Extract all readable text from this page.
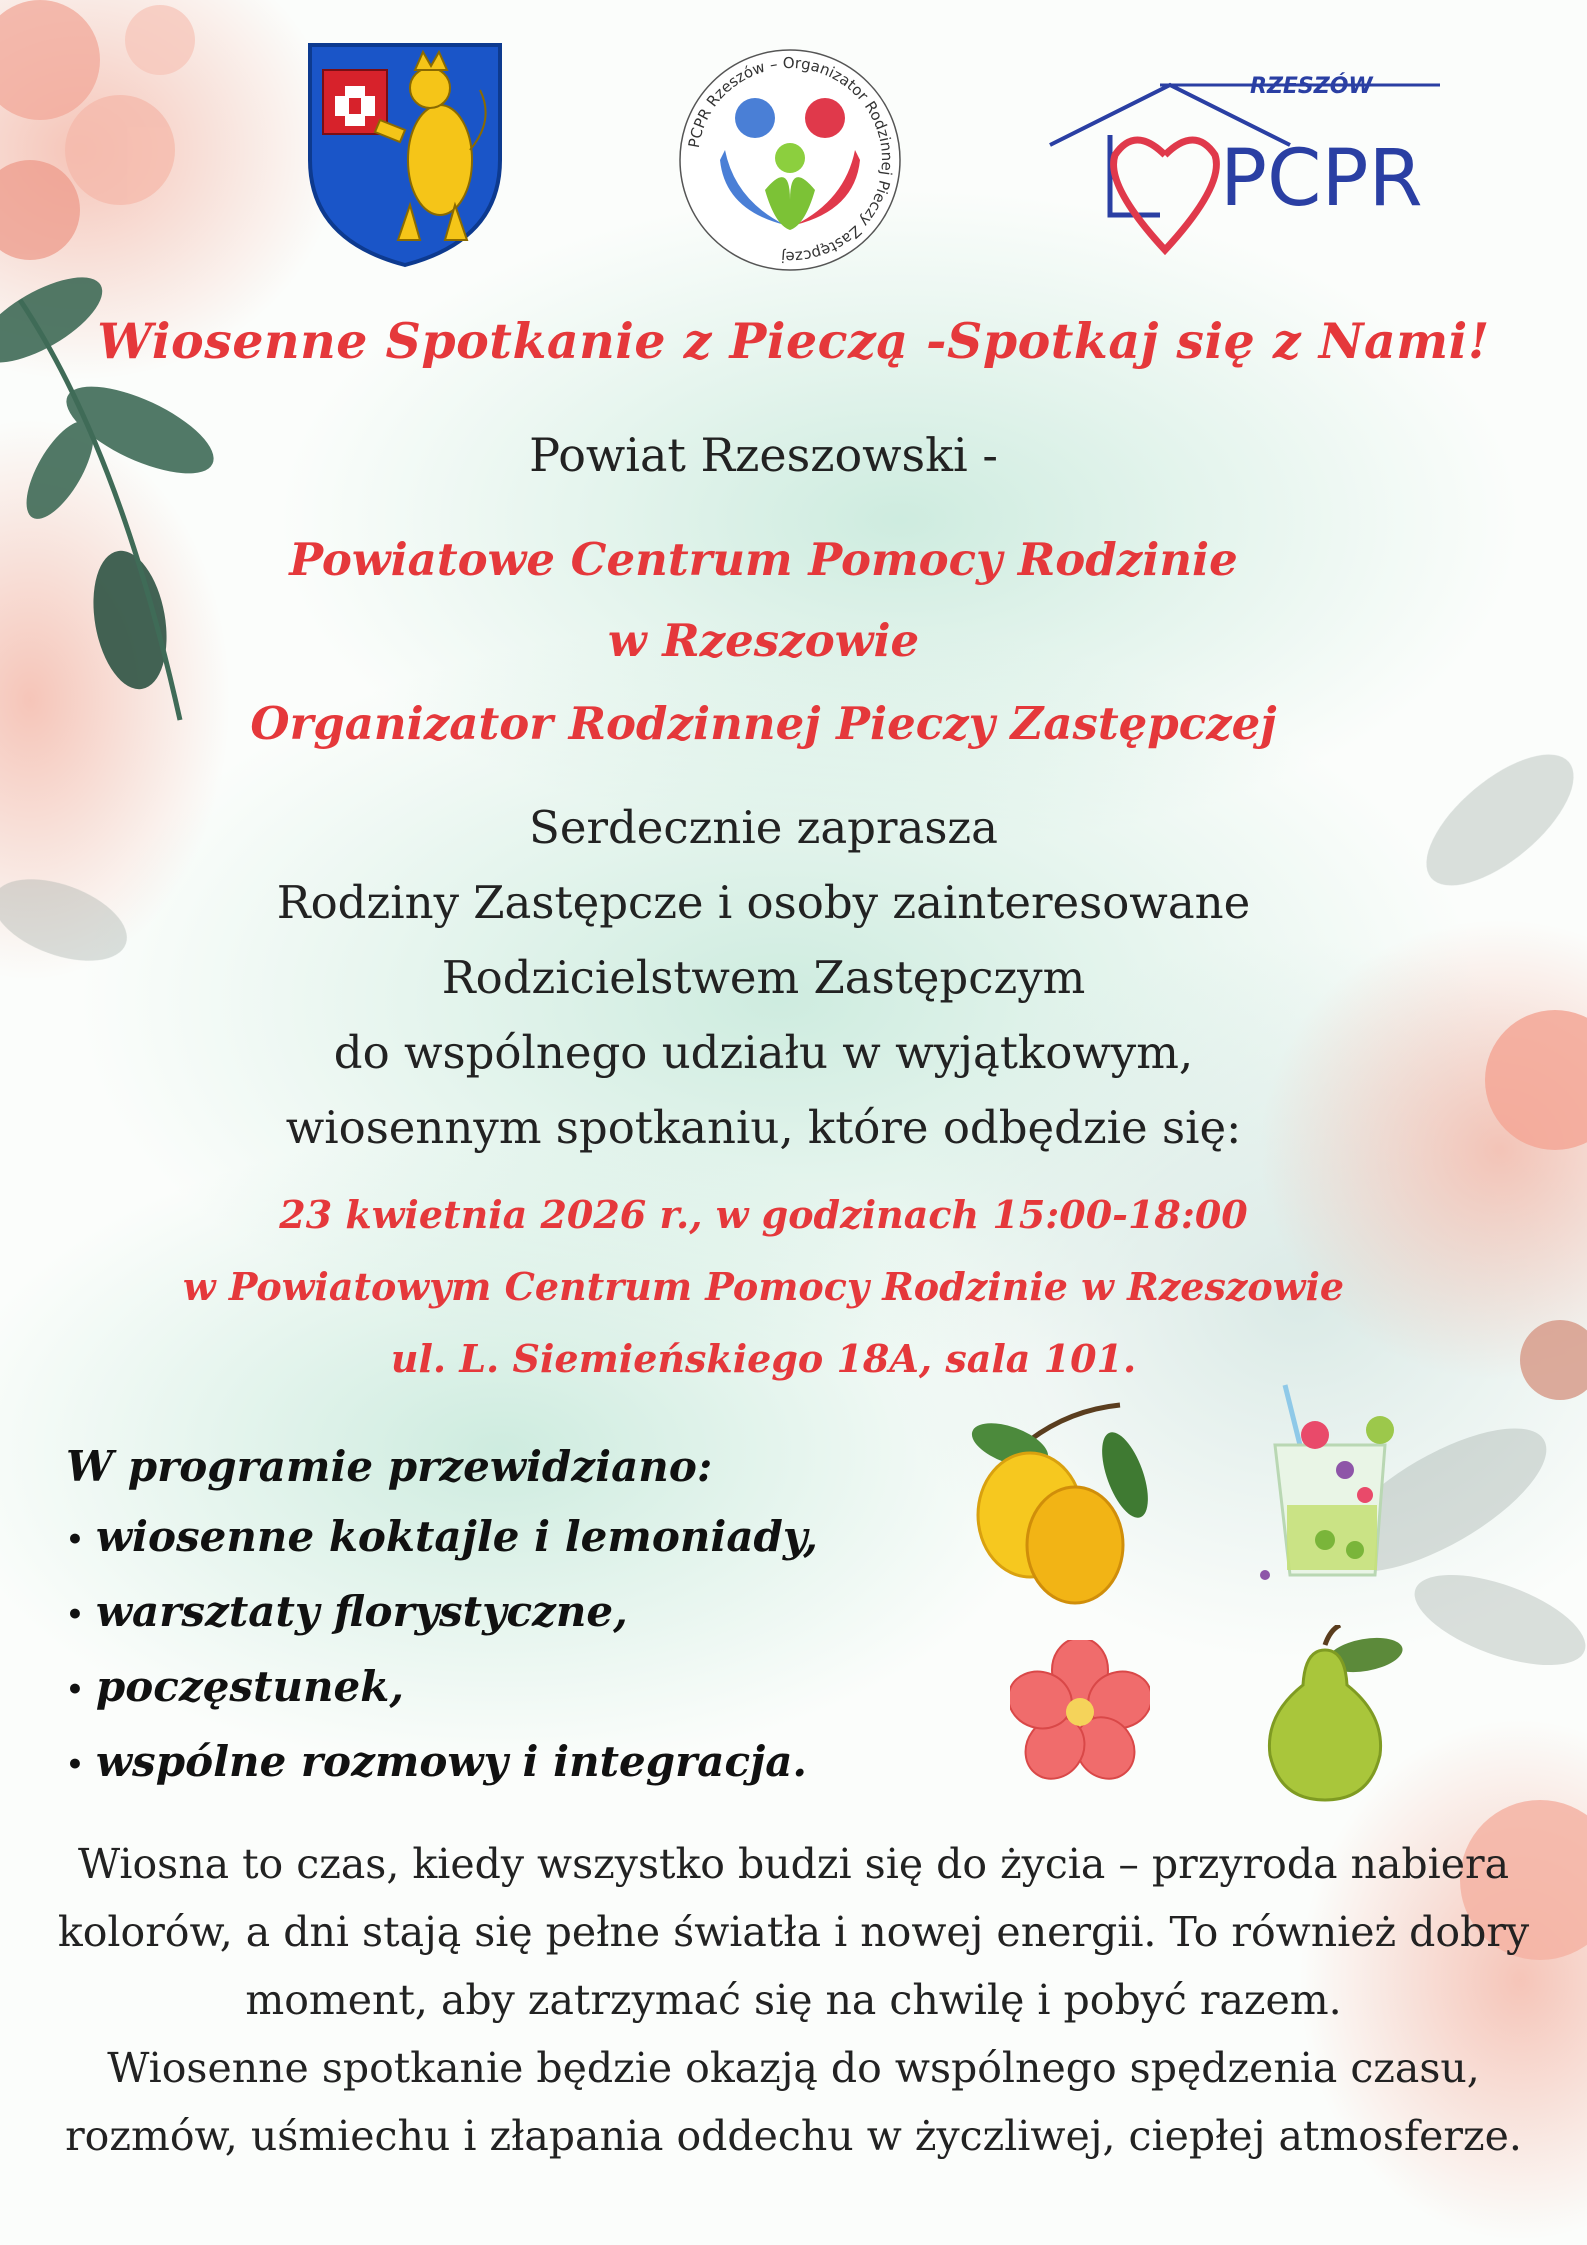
PCPR Rzeszów – Organizator Rodzinnej Pieczy Zastępczej
RZESZÓW
PCPR
Wiosenne Spotkanie z Pieczą -Spotkaj się z Nami!
Powiat Rzeszowski -
Powiatowe Centrum Pomocy Rodzinie
w Rzeszowie
Organizator Rodzinnej Pieczy Zastępczej
Serdecznie zaprasza
Rodziny Zastępcze i osoby zainteresowane
Rodzicielstwem Zastępczym
do wspólnego udziału w wyjątkowym,
wiosennym spotkaniu, które odbędzie się:
23 kwietnia 2026 r., w godzinach 15:00-18:00
w Powiatowym Centrum Pomocy Rodzinie w Rzeszowie
ul. L. Siemieńskiego 18A, sala 101.
W programie przewidziano:
• wiosenne koktajle i lemoniady,
• warsztaty florystyczne,
• poczęstunek,
• wspólne rozmowy i integracja.
Wiosna to czas, kiedy wszystko budzi się do życia – przyroda nabiera
kolorów, a dni stają się pełne światła i nowej energii. To również dobry
moment, aby zatrzymać się na chwilę i pobyć razem.
Wiosenne spotkanie będzie okazją do wspólnego spędzenia czasu,
rozmów, uśmiechu i złapania oddechu w życzliwej, ciepłej atmosferze.
